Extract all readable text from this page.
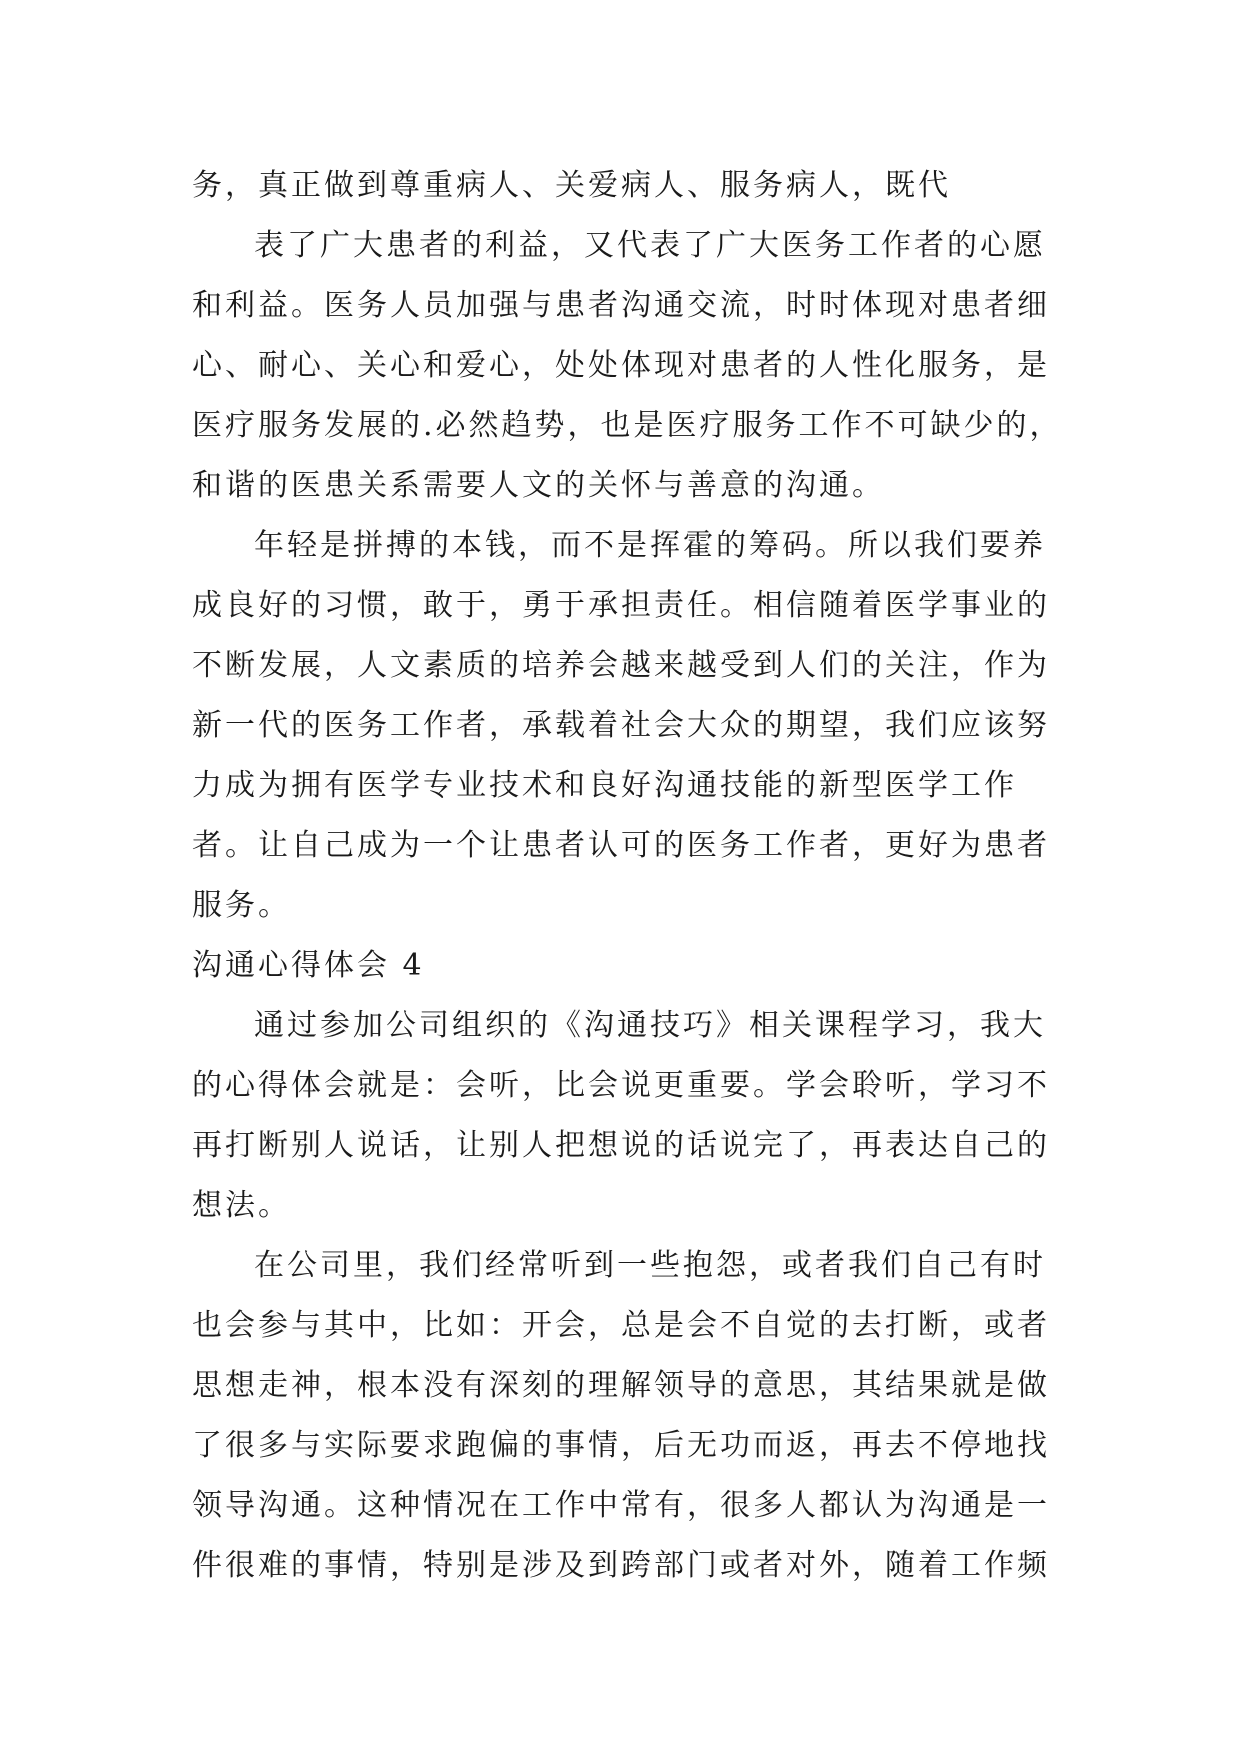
务，真正做到尊重病人、关爱病人、服务病人，既代
表了广大患者的利益，又代表了广大医务工作者的心愿
和利益。医务人员加强与患者沟通交流，时时体现对患者细
心、耐心、关心和爱心，处处体现对患者的人性化服务，是
医疗服务发展的.必然趋势，也是医疗服务工作不可缺少的，
和谐的医患关系需要人文的关怀与善意的沟通。
年轻是拼搏的本钱，而不是挥霍的筹码。所以我们要养
成良好的习惯，敢于，勇于承担责任。相信随着医学事业的
不断发展，人文素质的培养会越来越受到人们的关注，作为
新一代的医务工作者，承载着社会大众的期望，我们应该努
力成为拥有医学专业技术和良好沟通技能的新型医学工作
者。让自己成为一个让患者认可的医务工作者，更好为患者
服务。
沟通心得体会 4
通过参加公司组织的《沟通技巧》相关课程学习，我大
的心得体会就是：会听，比会说更重要。学会聆听，学习不
再打断别人说话，让别人把想说的话说完了，再表达自己的
想法。
在公司里，我们经常听到一些抱怨，或者我们自己有时
也会参与其中，比如：开会，总是会不自觉的去打断，或者
思想走神，根本没有深刻的理解领导的意思，其结果就是做
了很多与实际要求跑偏的事情，后无功而返，再去不停地找
领导沟通。这种情况在工作中常有，很多人都认为沟通是一
件很难的事情，特别是涉及到跨部门或者对外，随着工作频
